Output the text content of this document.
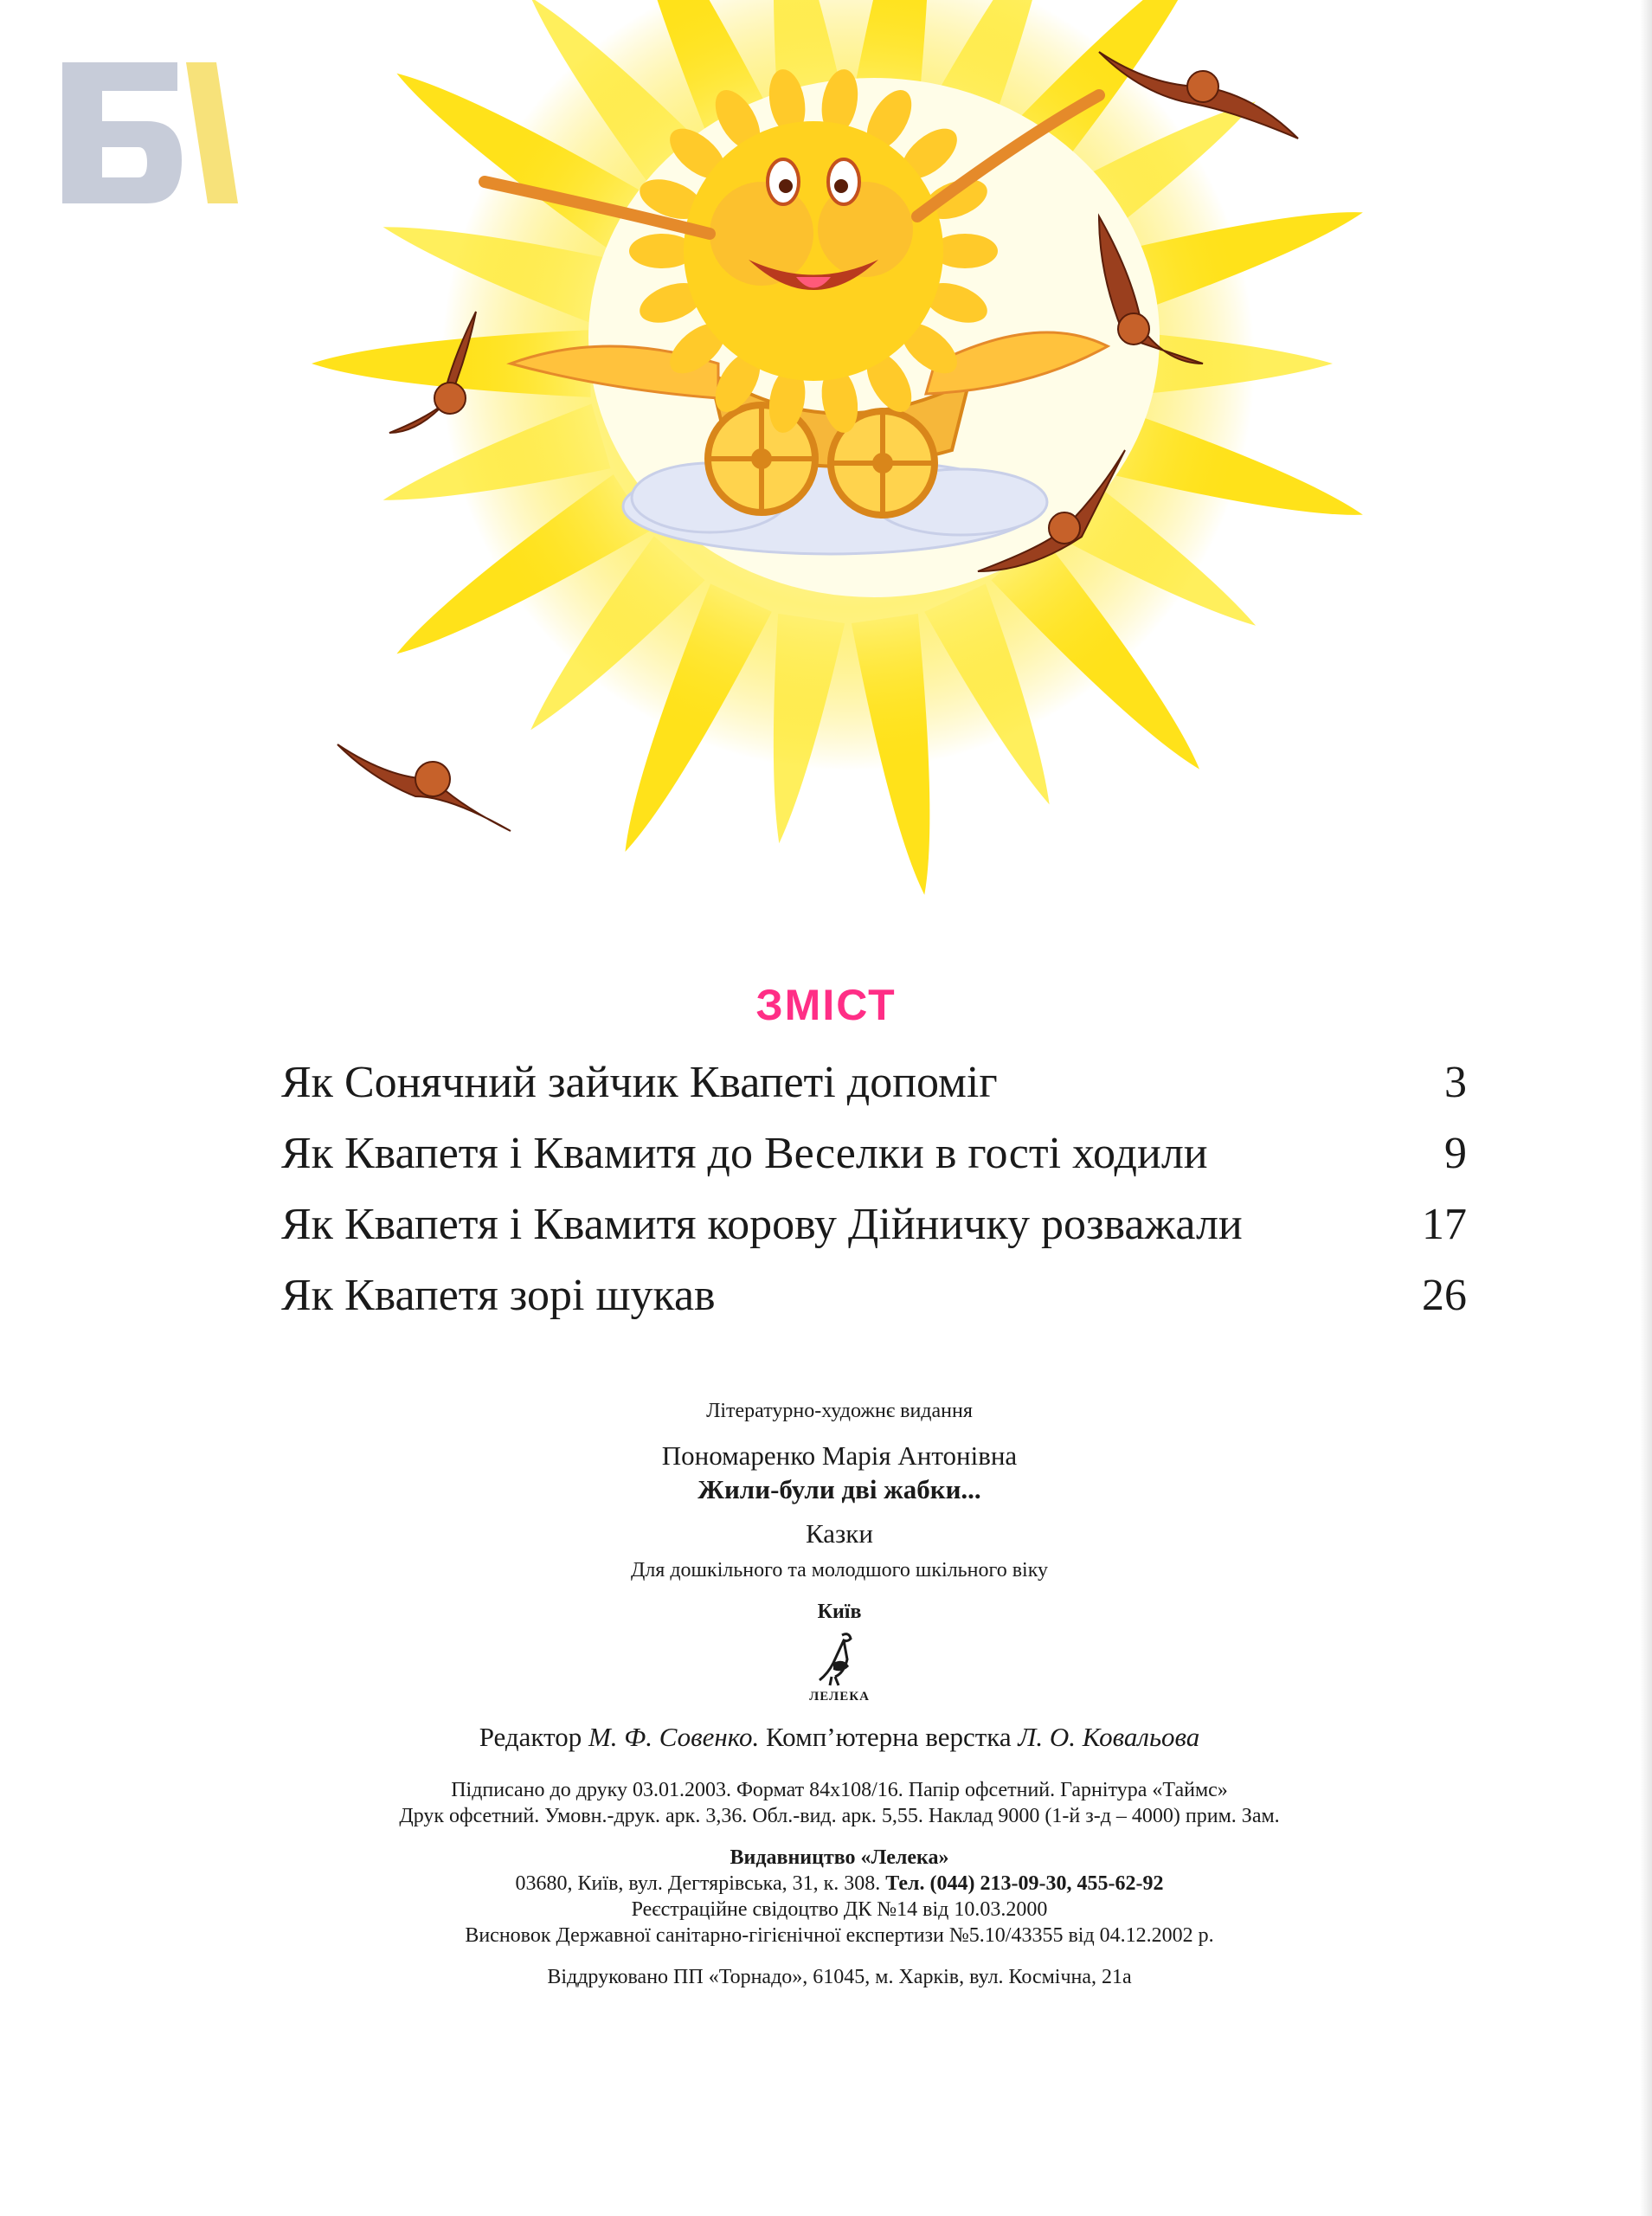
ЗМІСТ
Як Сонячний зайчик Квапеті допоміг	3
Як Квапетя і Квамитя до Веселки в гості ходили	9
Як Квапетя і Квамитя корову Дійничку розважали	17
Як Квапетя зорі шукав	26
Літературно-художнє видання
Пономаренко Марія Антонівна
Жили-були дві жабки...
Казки
Для дошкільного та молодшого шкільного віку
Київ
ЛЕЛЕКА
Редактор М. Ф. Совенко. Комп’ютерна верстка Л. О. Ковальова
Підписано до друку 03.01.2003. Формат 84х108/16. Папір офсетний. Гарнітура «Таймс»
Друк офсетний. Умовн.-друк. арк. 3,36. Обл.-вид. арк. 5,55. Наклад 9000 (1-й з-д – 4000) прим. Зам.
Видавництво «Лелека»
03680, Київ, вул. Дегтярівська, 31, к. 308. Тел. (044) 213-09-30, 455-62-92
Реєстраційне свідоцтво ДК №14 від 10.03.2000
Висновок Державної санітарно-гігієнічної експертизи №5.10/43355 від 04.12.2002 р.
Віддруковано ПП «Торнадо», 61045, м. Харків, вул. Космічна, 21а
